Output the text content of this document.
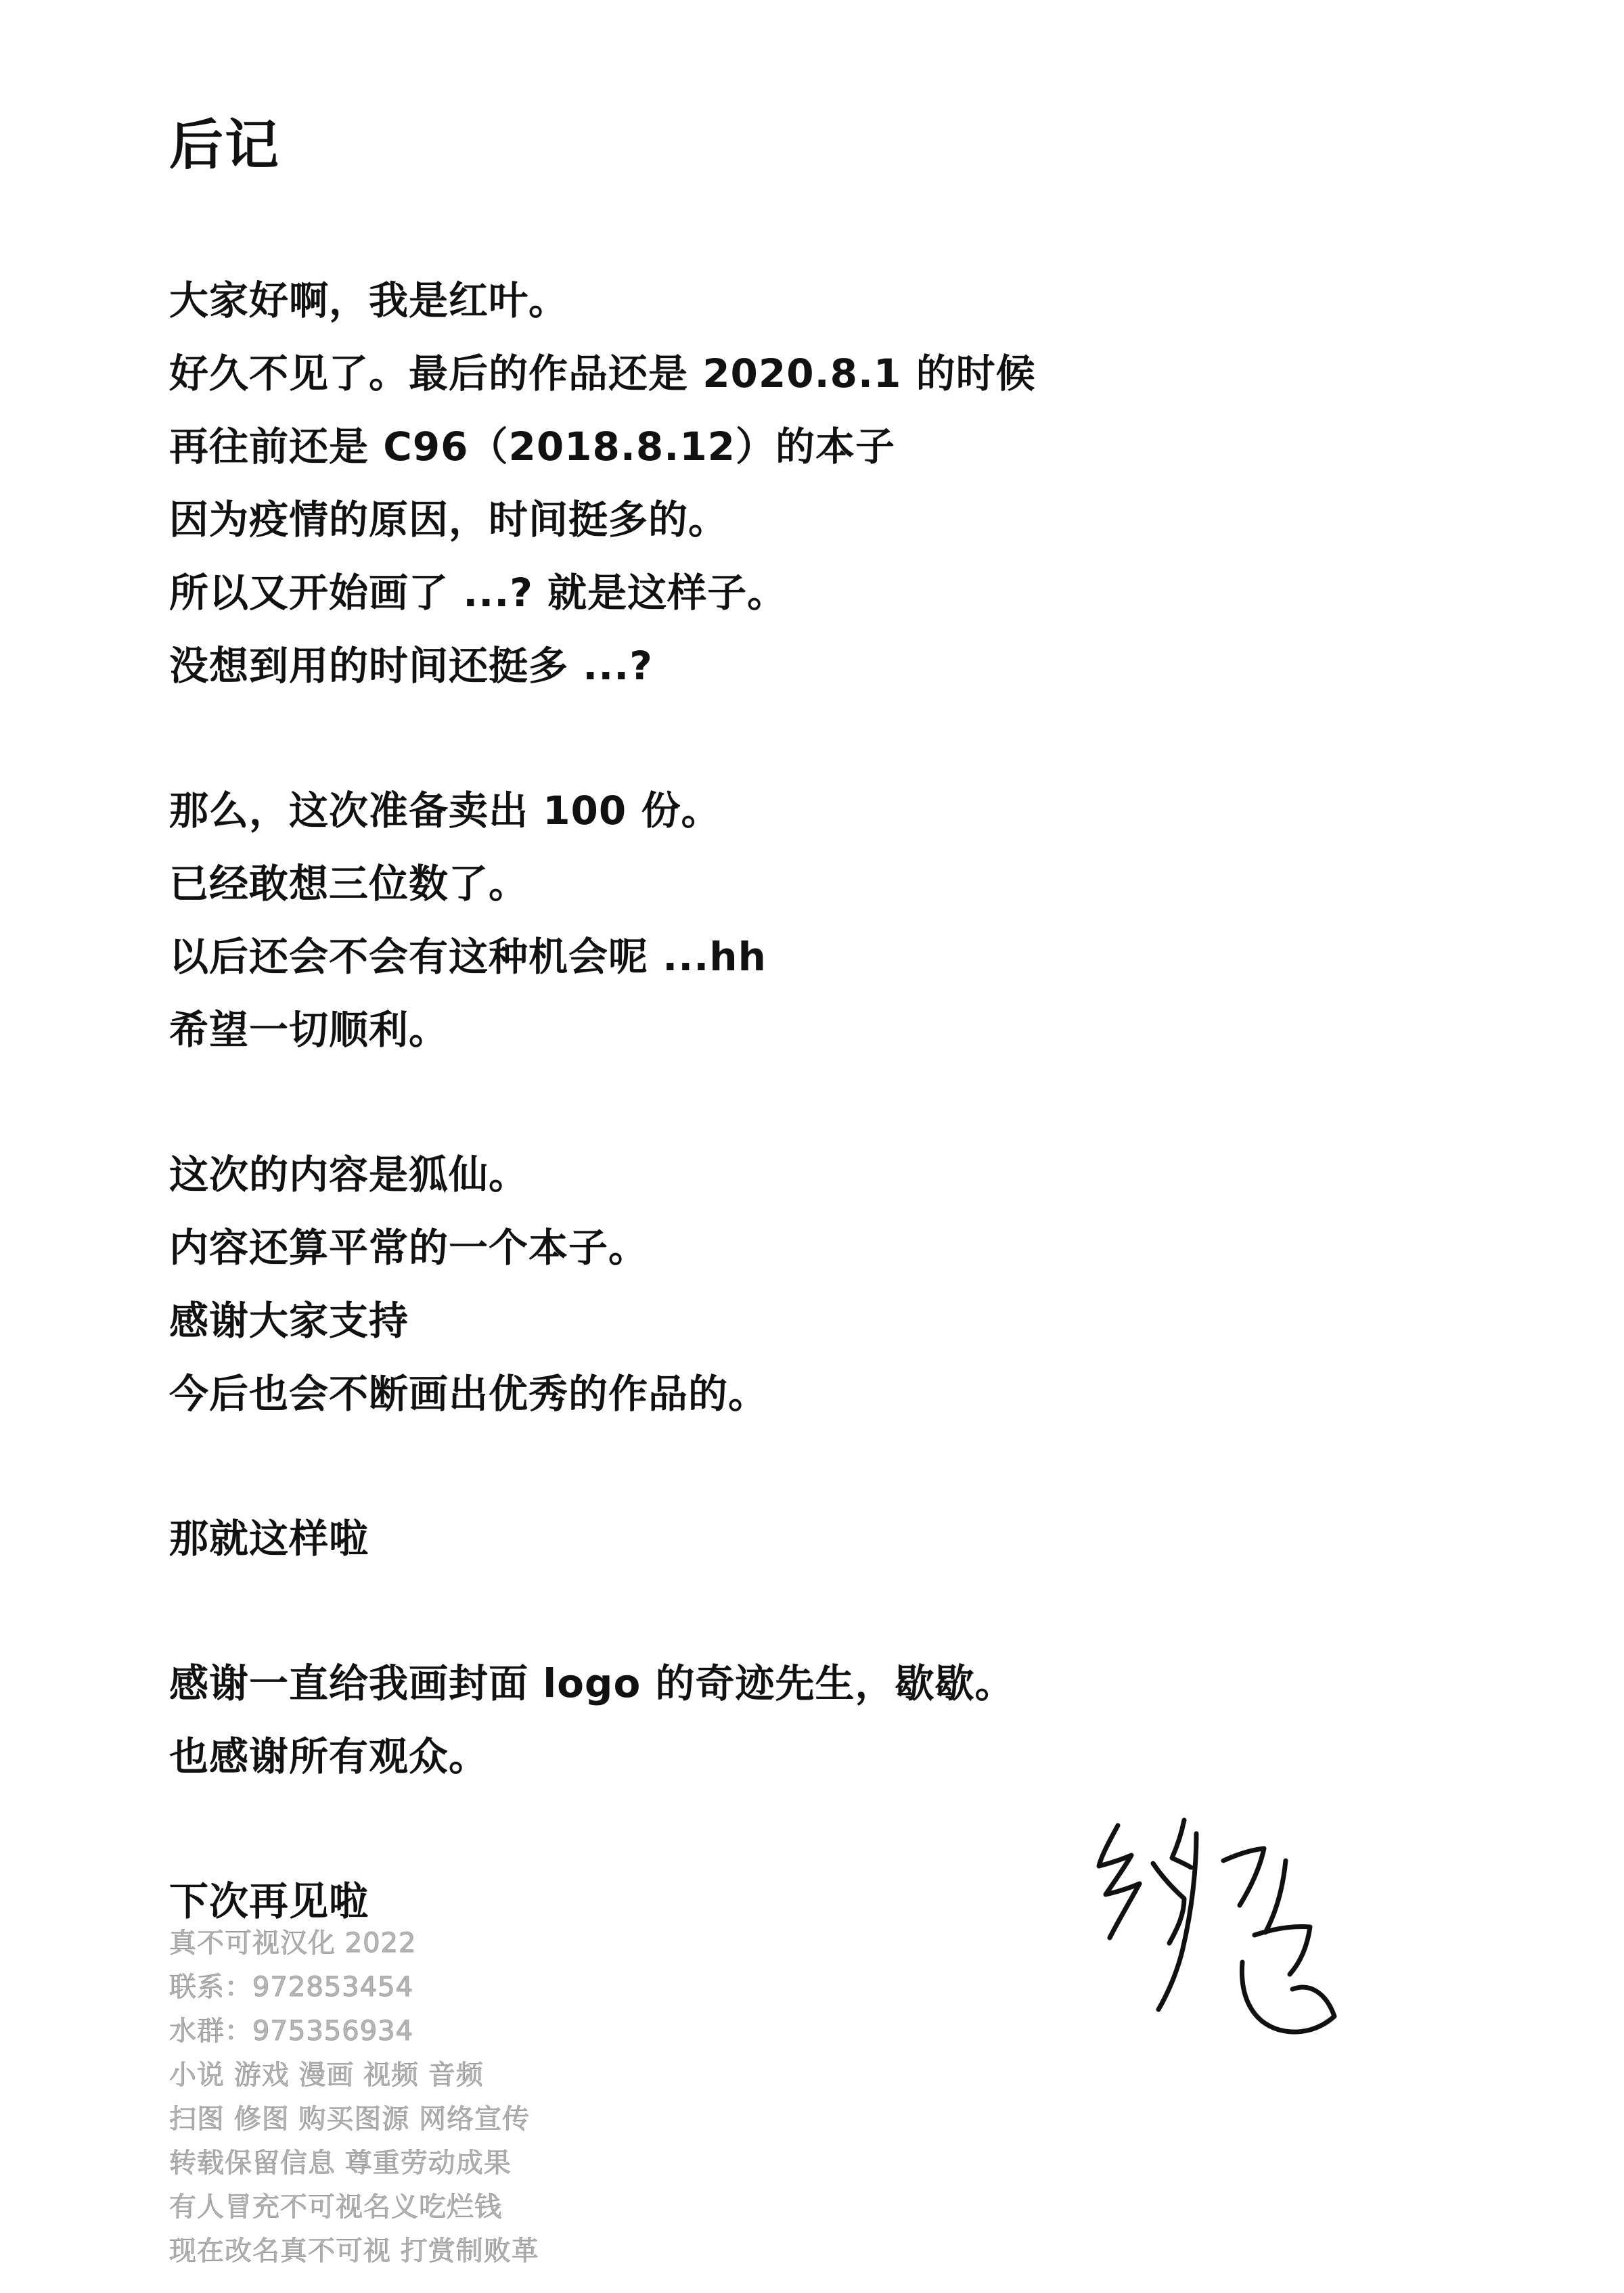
后记
大家好啊，我是红叶。
好久不见了。最后的作品还是 2020.8.1 的时候
再往前还是 C96（2018.8.12）的本子
因为疫情的原因，时间挺多的。
所以又开始画了 ...? 就是这样子。
没想到用的时间还挺多 ...?
那么，这次准备卖出 100 份。
已经敢想三位数了。
以后还会不会有这种机会呢 ...hh
希望一切顺利。
这次的内容是狐仙。
内容还算平常的一个本子。
感谢大家支持
今后也会不断画出优秀的作品的。
那就这样啦
感谢一直给我画封面 logo 的奇迹先生，歇歇。
也感谢所有观众。
下次再见啦
真不可视汉化 2022
联系：972853454
水群：975356934
小说 游戏 漫画 视频 音频
扫图 修图 购买图源 网络宣传
转载保留信息 尊重劳动成果
有人冒充不可视名义吃烂钱
现在改名真不可视 打赏制败革
